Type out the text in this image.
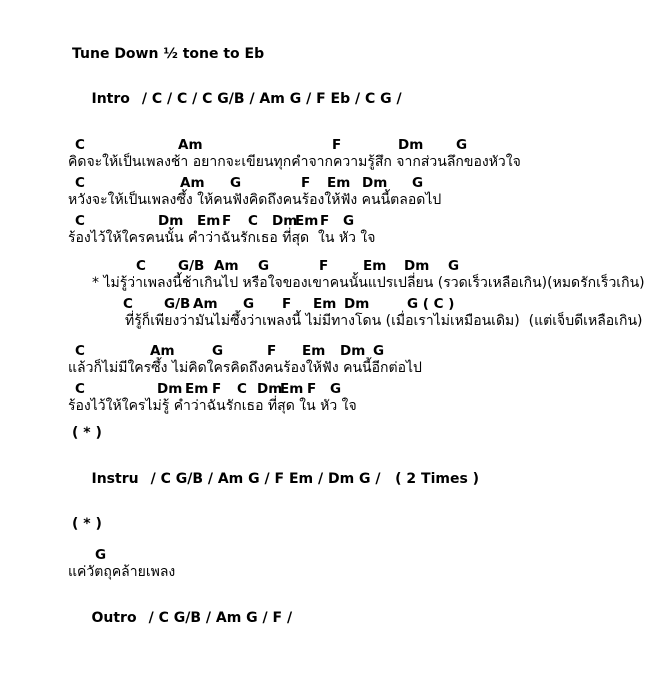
Tune Down ½ tone to Eb

Intro / C / C / C G/B / Am G / F Eb / C G /

C	Am	F	Dm G
คิดจะให้เป็นเพลงช้า อยากจะเขียนทุกคำจากความรู้สึก จากส่วนลึกของหัวใจ
C	Am G	F Em Dm G
หวังจะให้เป็นเพลงซึ้ง ให้คนฟังคิดถึงคนร้องให้ฟัง คนนี้ตลอดไป
C	Dm Em F C Dm
Em F G
ร้องไว้ให้ใครคนนั้น คำว่าฉันรักเธอ ที่สุด  ใน หัว ใจ
C G/B Am G	F	Em Dm G
* ไม่รู้ว่าเพลงนี้ช้าเกินไป หรือใจของเขาคนนั้นแปรเปลี่ยน (รวดเร็วเหลือเกิน)(หมดรักเร็วเกิน)
C G/B Am G F Em Dm	G ( C )
ที่รู้ก็เพียงว่ามันไม่ซึ้งว่าเพลงนี้ ไม่มีทางโดน (เมื่อเราไม่เหมือนเดิม)  (แต่เจ็บดีเหลือเกิน)
C	Am	G	F Em Dm G
แล้วก็ไม่มีใครซึ้ง ไม่คิดใครคิดถึงคนร้องให้ฟัง คนนี้อีกต่อไป
C	Dm Em F C Dm
Em F G
ร้องไว้ให้ใครไม่รู้ คำว่าฉันรักเธอ ที่สุด ใน หัว ใจ
( * )

Instru / C G/B / Am G / F Em / Dm G /   ( 2 Times )

( * )
G
แค่วัตถุคล้ายเพลง

Outro / C G/B / Am G / F /
